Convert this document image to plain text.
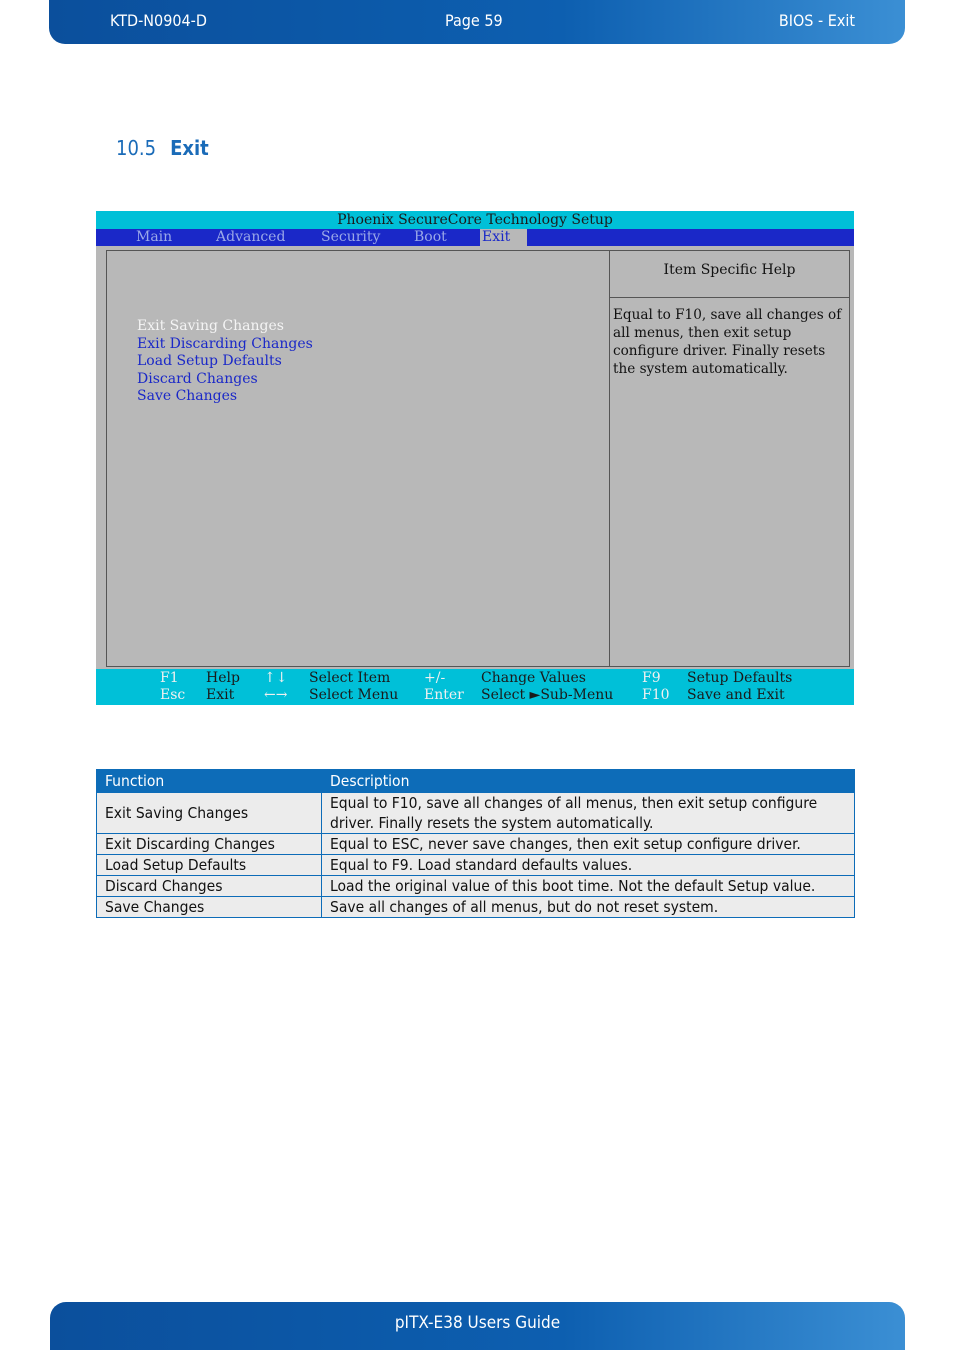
KTD-N0904-D	Page 59	BIOS - Exit
10.5 Exit
Phoenix SecureCore Technology Setup
Main	Advanced	Security Boot	Exit
Exit Saving Changes
Exit Discarding Changes
Load Setup Defaults
Discard Changes
Save Changes
Item Specific Help
Equal to F10, save all changes of all menus, then exit setup configure driver. Finally resets the system automatically.
F1 Help
Esc Exit
↑↓ Select Item
←→ Select Menu
+/-	Change Values
Enter Select ►Sub-Menu
F9 Setup Defaults
F10 Save and Exit
Function	Description
Exit Saving Changes	Equal to F10, save all changes of all menus, then exit setup configure driver. Finally resets the system automatically.
Exit Discarding Changes	Equal to ESC, never save changes, then exit setup configure driver.
Load Setup Defaults	Equal to F9. Load standard defaults values.
Discard Changes	Load the original value of this boot time. Not the default Setup value.
Save Changes	Save all changes of all menus, but do not reset system.
pITX-E38 Users Guide
